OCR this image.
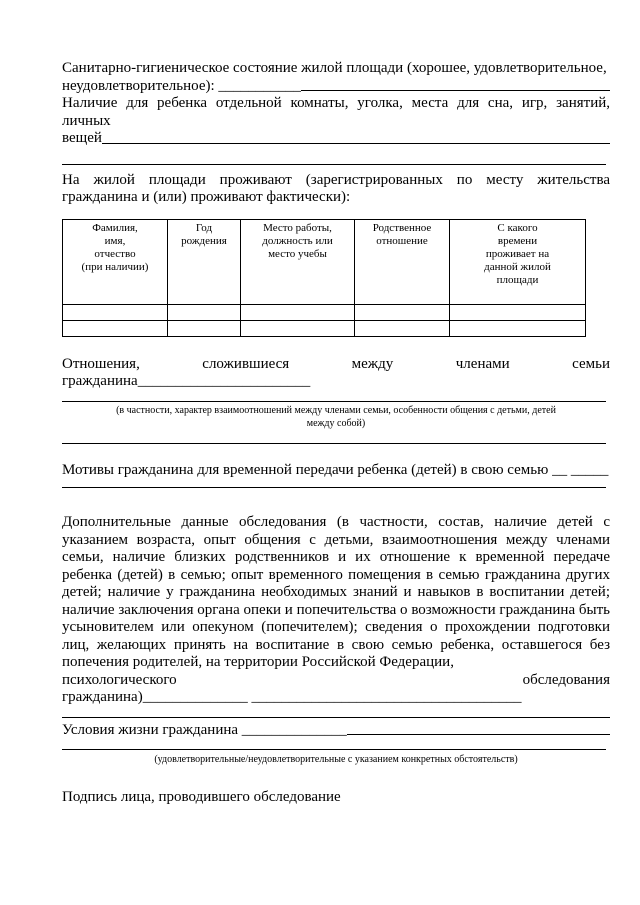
Санитарно-гигиеническое состояние жилой площади (хорошее, удовлетворительное,

неудовлетворительное): ___________

Наличие для ребенка отдельной комнаты, уголка, места для сна, игр, занятий, личных

вещей

На жилой площади проживают (зарегистрированных по месту жительства гражданина и (или) проживают фактически):

Фамилия,
имя,
отчество
(при наличии)	Год
рождения	Место работы,
должность или
место учебы	Родственное
отношение	С какого
времени
проживает на
данной жилой
площади

Отношения,	сложившиеся	между	членами	семьи
гражданина_______________________

(в частности, характер взаимоотношений между членами семьи, особенности общения с детьми, детей

между собой)

Мотивы гражданина для временной передачи ребенка (детей) в свою семью __ _____

Дополнительные данные обследования (в частности, состав, наличие детей с указанием возраста, опыт общения с детьми, взаимоотношения между членами семьи, наличие близких родственников и их отношение к временной передаче ребенка (детей) в семью; опыт временного помещения в семью гражданина других детей; наличие у гражданина необходимых знаний и навыков в воспитании детей; наличие заключения органа опеки и попечительства о возможности гражданина быть усыновителем или опекуном (попечителем); сведения о прохождении подготовки лиц, желающих принять на воспитание в свою семью ребенка, оставшегося без попечения родителей, на территории Российской Федерации,

психологического	обследования
гражданина)______________ ____________________________________
Условия жизни гражданина ______________

(удовлетворительные/неудовлетворительные с указанием конкретных обстоятельств)

Подпись лица, проводившего обследование
